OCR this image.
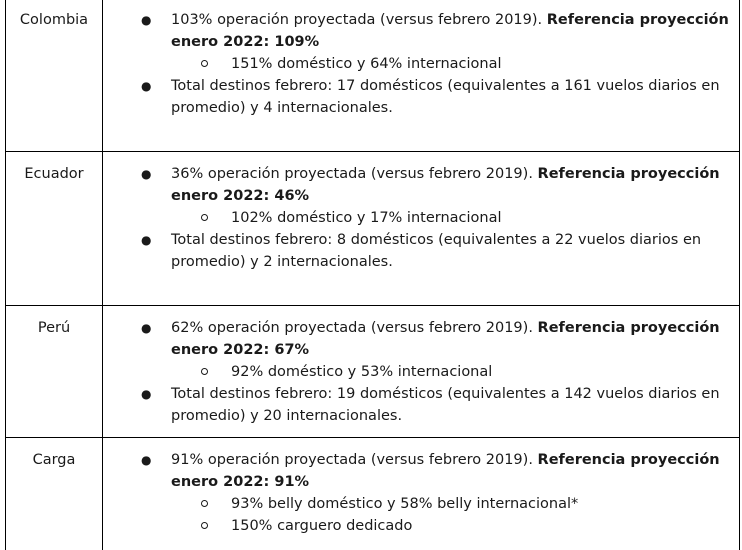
Colombia	● 103% operación proyectada (versus febrero 2019). Referencia proyección enero 2022: 109%
151% doméstico y 64% internacional
● Total destinos febrero: 17 domésticos (equivalentes a 161 vuelos diarios en promedio) y 4 internacionales.
Ecuador	● 36% operación proyectada (versus febrero 2019). Referencia proyección enero 2022: 46%
102% doméstico y 17% internacional
● Total destinos febrero: 8 domésticos (equivalentes a 22 vuelos diarios en promedio) y 2 internacionales.
Perú	● 62% operación proyectada (versus febrero 2019). Referencia proyección enero 2022: 67%
92% doméstico y 53% internacional
● Total destinos febrero: 19 domésticos (equivalentes a 142 vuelos diarios en promedio) y 20 internacionales.
Carga	● 91% operación proyectada (versus febrero 2019). Referencia proyección enero 2022: 91%
93% belly doméstico y 58% belly internacional*
150% carguero dedicado
